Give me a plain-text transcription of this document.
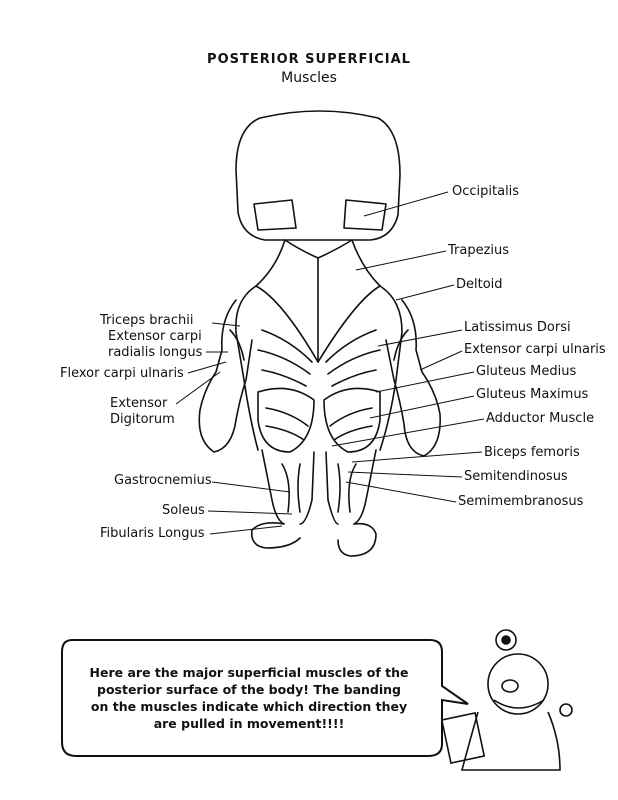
POSTERIOR SUPERFICIAL
Muscles
Occipitalis
Trapezius
Deltoid
Triceps brachii
Extensor carpi
radialis longus
Flexor carpi ulnaris
Extensor
Digitorum
Latissimus Dorsi
Extensor carpi ulnaris
Gluteus Medius
Gluteus Maximus
Adductor Muscle
Biceps femoris
Semitendinosus
Semimembranosus
Gastrocnemius
Soleus
Fibularis Longus
Here are the major superficial muscles of the
posterior surface of the body! The banding
on the muscles indicate which direction they
are pulled in movement!!!!
